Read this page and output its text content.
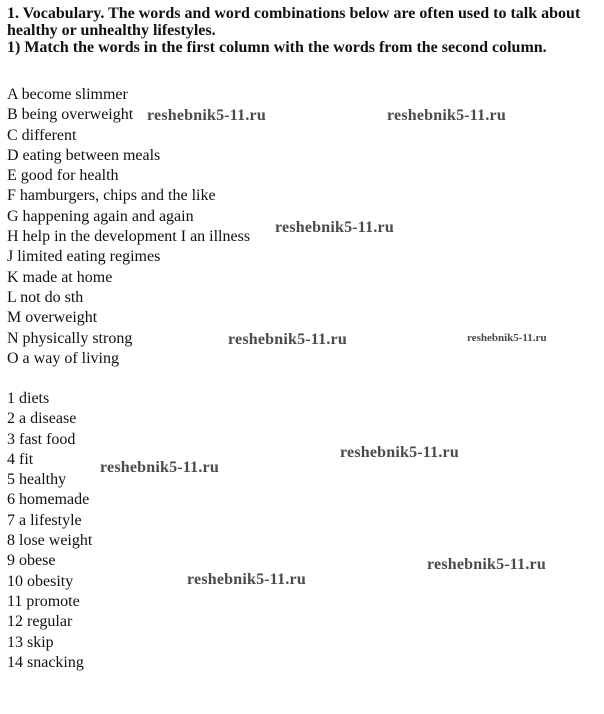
1. Vocabulary. The words and word combinations below are often used to talk about healthy or unhealthy lifestyles.

1) Match the words in the first column with the words from the second column.

A become slimmer
B being overweight
C different
D eating between meals
E good for health
F hamburgers, chips and the like
G happening again and again
H help in the development I an illness
J limited eating regimes
K made at home
L not do sth
M overweight
N physically strong
O a way of living
1 diets
2 a disease
3 fast food
4 fit
5 healthy
6 homemade
7 a lifestyle
8 lose weight
9 obese
10 obesity
11 promote
12 regular
13 skip
14 snacking
reshebnik5-11.ru	reshebnik5-11.ru
reshebnik5-11.ru
reshebnik5-11.ru	reshebnik5-11.ru
reshebnik5-11.ru
reshebnik5-11.ru
reshebnik5-11.ru
reshebnik5-11.ru
